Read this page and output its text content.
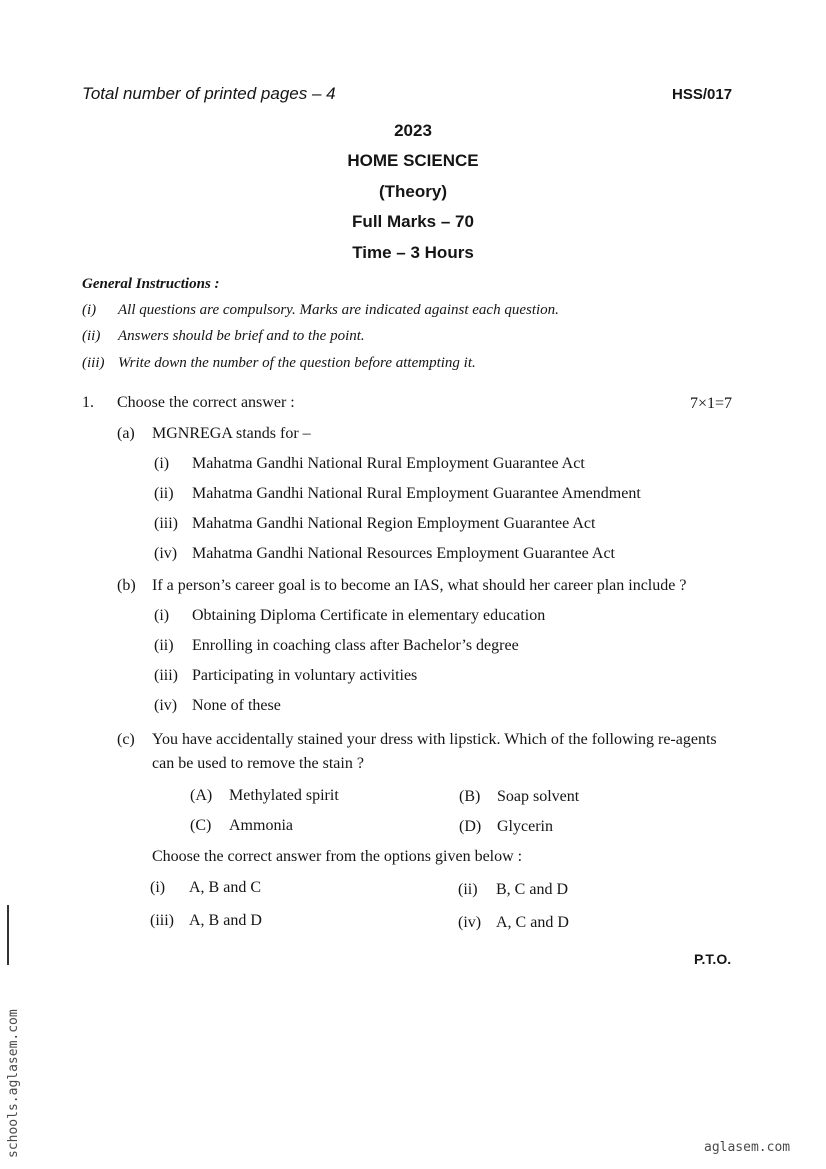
Total number of printed pages – 4	HSS/017
2023
HOME SCIENCE
(Theory)
Full Marks – 70
Time – 3 Hours
General Instructions :
(i) All questions are compulsory. Marks are indicated against each question.
(ii) Answers should be brief and to the point.
(iii) Write down the number of the question before attempting it.
1. Choose the correct answer :	7×1=7
(a) MGNREGA stands for –
(i) Mahatma Gandhi National Rural Employment Guarantee Act
(ii) Mahatma Gandhi National Rural Employment Guarantee Amendment
(iii) Mahatma Gandhi National Region Employment Guarantee Act
(iv) Mahatma Gandhi National Resources Employment Guarantee Act
(b) If a person’s career goal is to become an IAS, what should her career plan include ?
(i) Obtaining Diploma Certificate in elementary education
(ii) Enrolling in coaching class after Bachelor’s degree
(iii) Participating in voluntary activities
(iv) None of these
(c) You have accidentally stained your dress with lipstick. Which of the following re-agents
can be used to remove the stain ?
(A) Methylated spirit	(B) Soap solvent
(C) Ammonia	(D) Glycerin
Choose the correct answer from the options given below :
(i) A, B and C	(ii) B, C and D
(iii) A, B and D	(iv) A, C and D
P.T.O.
schools.aglasem.com	aglasem.com
